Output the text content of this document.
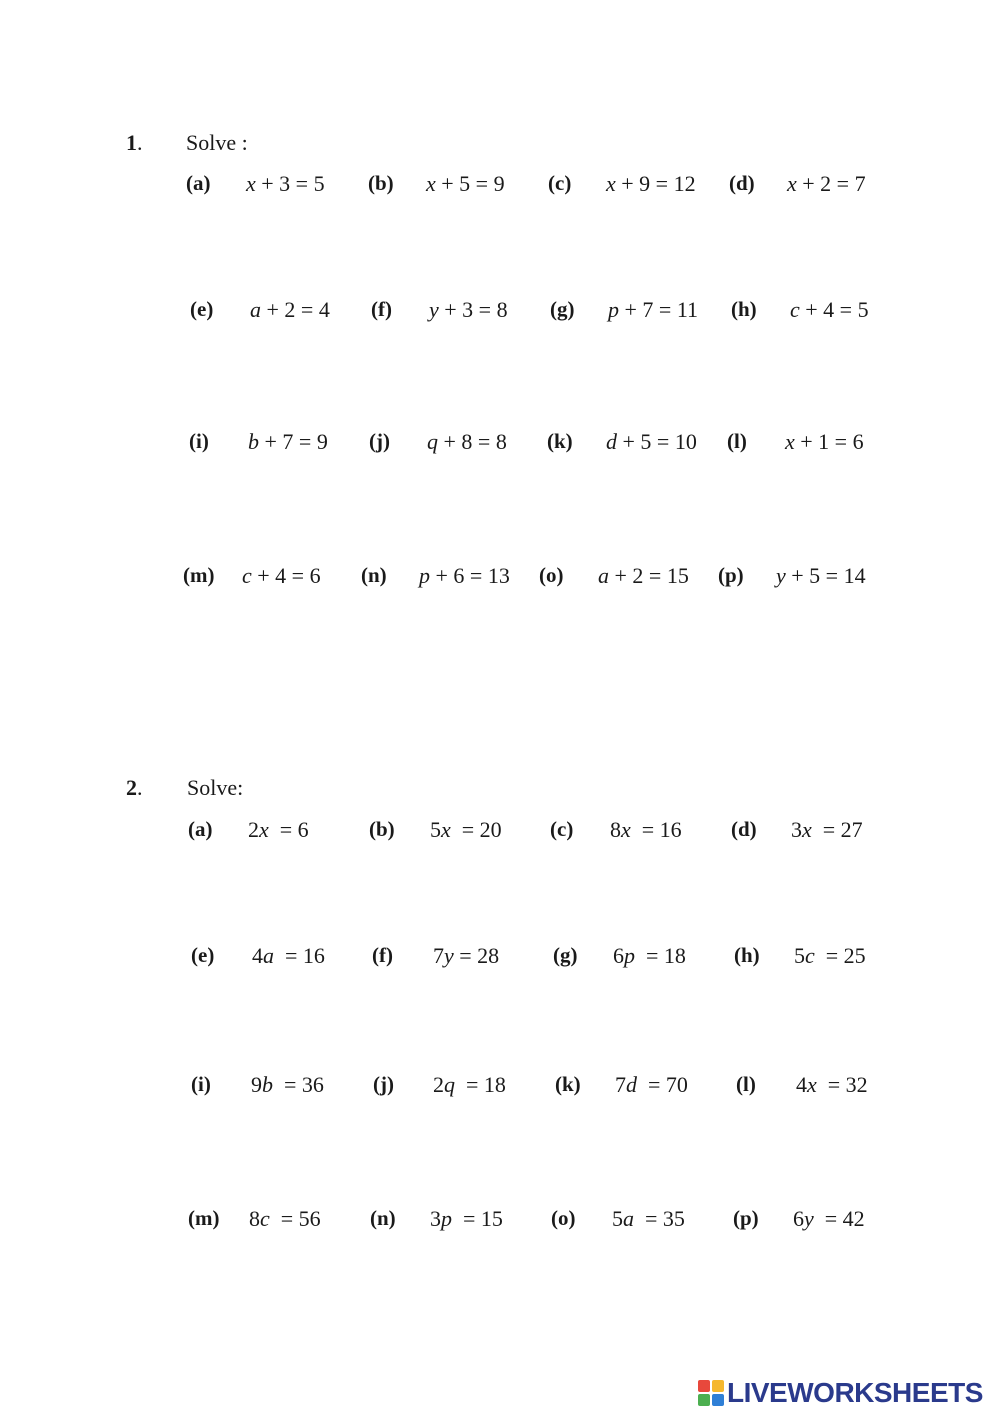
1. Solve :
(a) x + 3 = 5 (b) x + 5 = 9 (c) x + 9 = 12 (d) x + 2 = 7
(e) a + 2 = 4 (f) y + 3 = 8 (g) p + 7 = 11 (h) c + 4 = 5
(i) b + 7 = 9 (j) q + 8 = 8 (k) d + 5 = 10 (l) x + 1 = 6
(m) c + 4 = 6 (n) p + 6 = 13 (o) a + 2 = 15 (p) y + 5 = 14
2. Solve:
(a) 2x  = 6	(b) 5x  = 20 (c) 8x  = 16 (d) 3x  = 27
(e) 4a  = 16 (f) 7y = 28	(g) 6p  = 18 (h) 5c  = 25
(i) 9b  = 36 (j) 2q  = 18 (k) 7d  = 70 (l) 4x  = 32
(m) 8c  = 56 (n) 3p  = 15 (o) 5a  = 35 (p) 6y  = 42
LIVEWORKSHEETS
